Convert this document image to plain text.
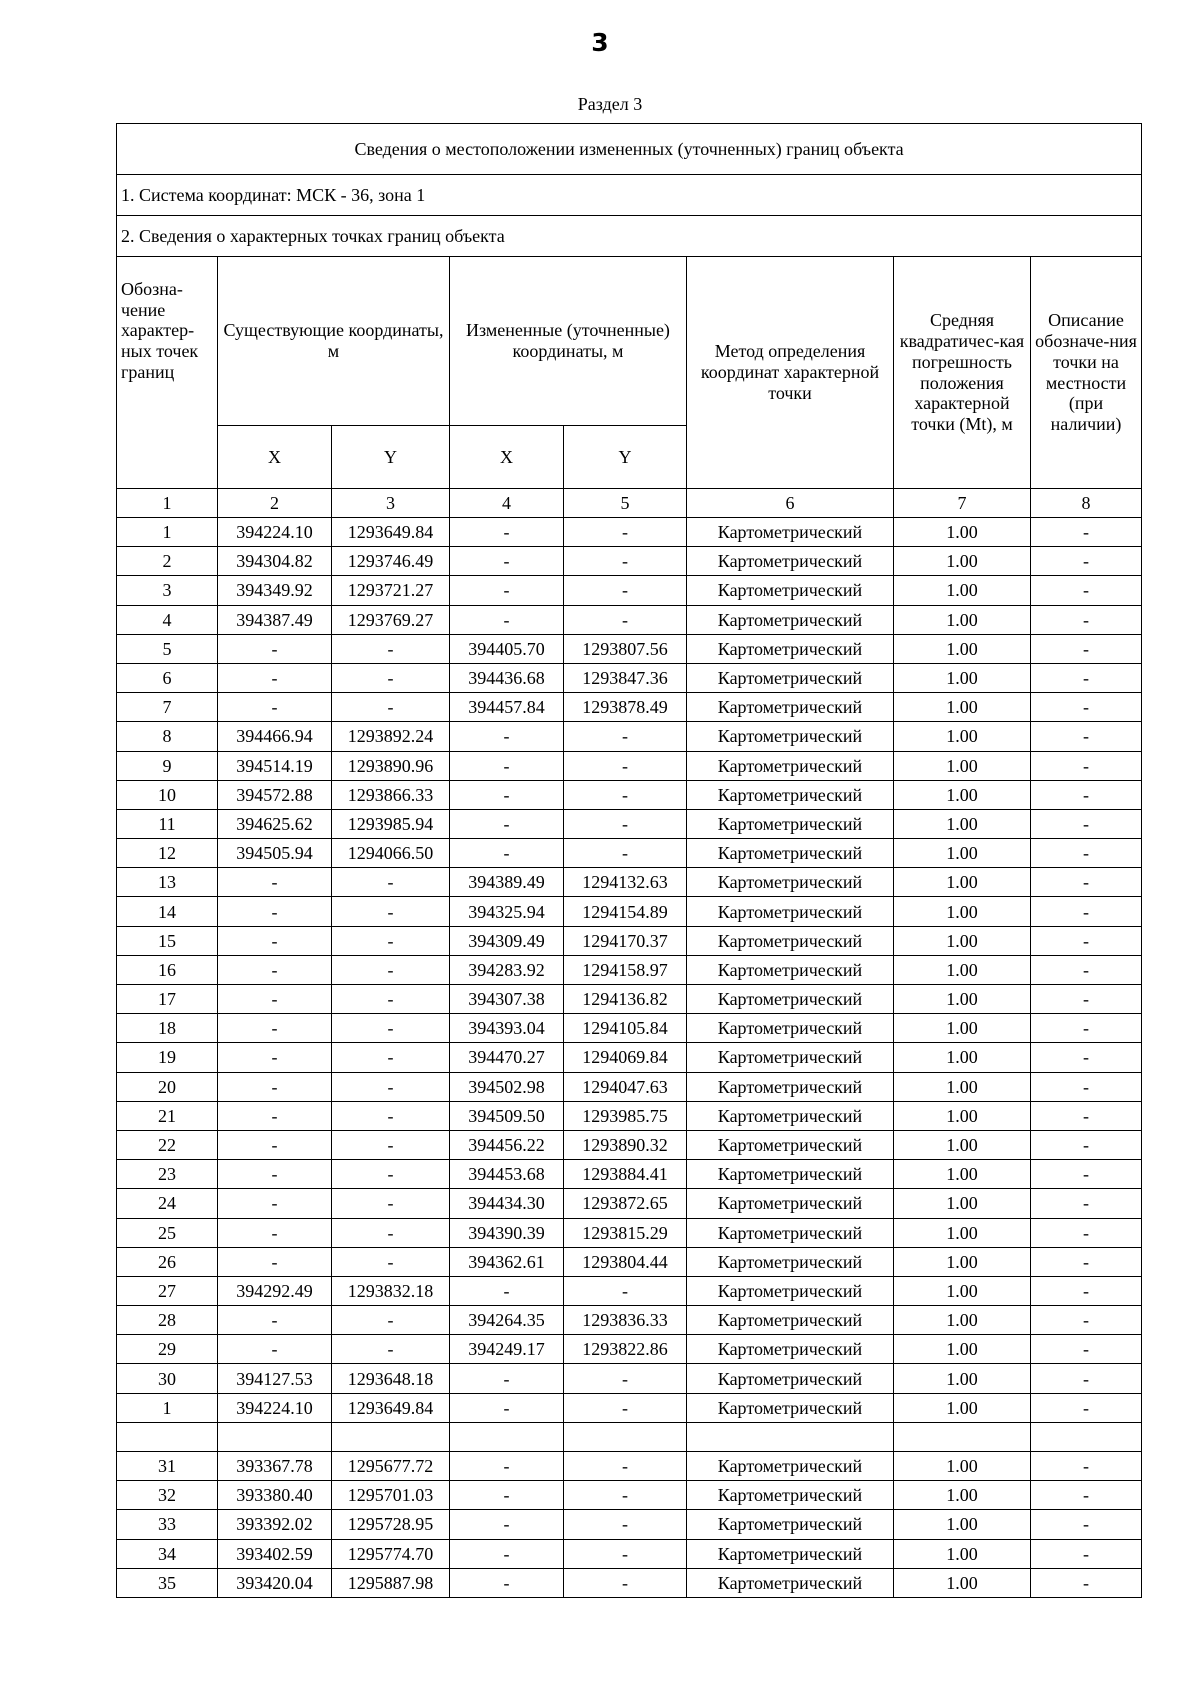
3
Раздел 3
Сведения о местоположении измененных (уточненных) границ объекта							
1. Система координат: МСК - 36, зона 1							
2. Сведения о характерных точках границ объекта							
Обозна-чение характер-ных точек границ	Существующие координаты, м		Измененные (уточненные) координаты, м		Метод определения координат характерной точки	Средняя квадратичес-кая погрешность положения характерной точки (Mt), м	Описание обозначе-ния точки на местности (при наличии)
	X	Y	X	Y			
1	2	3	4	5	6	7	8
1	394224.10	1293649.84	-	-	Картометрический	1.00	-
2	394304.82	1293746.49	-	-	Картометрический	1.00	-
3	394349.92	1293721.27	-	-	Картометрический	1.00	-
4	394387.49	1293769.27	-	-	Картометрический	1.00	-
5	-	-	394405.70	1293807.56	Картометрический	1.00	-
6	-	-	394436.68	1293847.36	Картометрический	1.00	-
7	-	-	394457.84	1293878.49	Картометрический	1.00	-
8	394466.94	1293892.24	-	-	Картометрический	1.00	-
9	394514.19	1293890.96	-	-	Картометрический	1.00	-
10	394572.88	1293866.33	-	-	Картометрический	1.00	-
11	394625.62	1293985.94	-	-	Картометрический	1.00	-
12	394505.94	1294066.50	-	-	Картометрический	1.00	-
13	-	-	394389.49	1294132.63	Картометрический	1.00	-
14	-	-	394325.94	1294154.89	Картометрический	1.00	-
15	-	-	394309.49	1294170.37	Картометрический	1.00	-
16	-	-	394283.92	1294158.97	Картометрический	1.00	-
17	-	-	394307.38	1294136.82	Картометрический	1.00	-
18	-	-	394393.04	1294105.84	Картометрический	1.00	-
19	-	-	394470.27	1294069.84	Картометрический	1.00	-
20	-	-	394502.98	1294047.63	Картометрический	1.00	-
21	-	-	394509.50	1293985.75	Картометрический	1.00	-
22	-	-	394456.22	1293890.32	Картометрический	1.00	-
23	-	-	394453.68	1293884.41	Картометрический	1.00	-
24	-	-	394434.30	1293872.65	Картометрический	1.00	-
25	-	-	394390.39	1293815.29	Картометрический	1.00	-
26	-	-	394362.61	1293804.44	Картометрический	1.00	-
27	394292.49	1293832.18	-	-	Картометрический	1.00	-
28	-	-	394264.35	1293836.33	Картометрический	1.00	-
29	-	-	394249.17	1293822.86	Картометрический	1.00	-
30	394127.53	1293648.18	-	-	Картометрический	1.00	-
1	394224.10	1293649.84	-	-	Картометрический	1.00	-

31	393367.78	1295677.72	-	-	Картометрический	1.00	-
32	393380.40	1295701.03	-	-	Картометрический	1.00	-
33	393392.02	1295728.95	-	-	Картометрический	1.00	-
34	393402.59	1295774.70	-	-	Картометрический	1.00	-
35	393420.04	1295887.98	-	-	Картометрический	1.00	-
